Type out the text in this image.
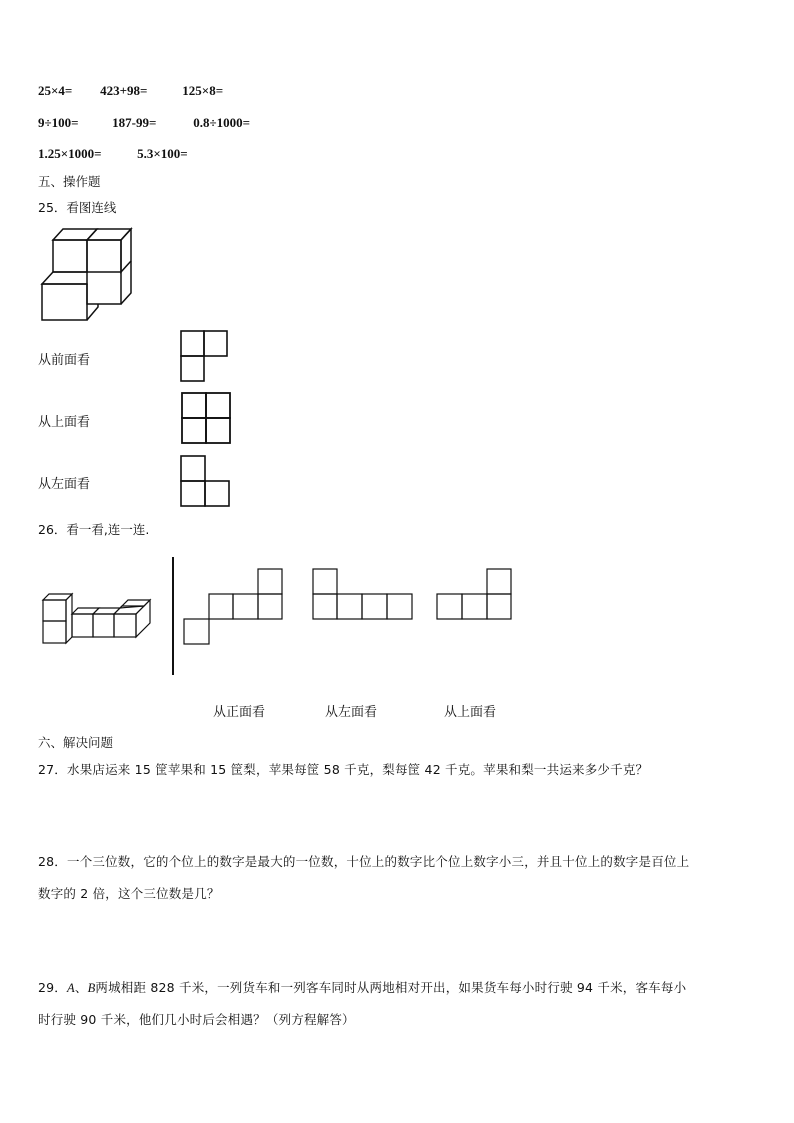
25×4= 423+98=	125×8=
9÷100=	187-99=	0.8÷1000=
1.25×1000=	5.3×100=
五、操作题
25．看图连线
从前面看
从上面看
从左面看
26．看一看,连一连.
从正面看	从左面看	从上面看
六、解决问题
27．水果店运来 15 筐苹果和 15 筐梨，苹果每筐 58 千克，梨每筐 42 千克。苹果和梨一共运来多少千克？
28．一个三位数，它的个位上的数字是最大的一位数，十位上的数字比个位上数字小三，并且十位上的数字是百位上
数字的 2 倍，这个三位数是几？
29．A、B两城相距 828 千米，一列货车和一列客车同时从两地相对开出，如果货车每小时行驶 94 千米，客车每小
时行驶 90 千米，他们几小时后会相遇？（列方程解答）
